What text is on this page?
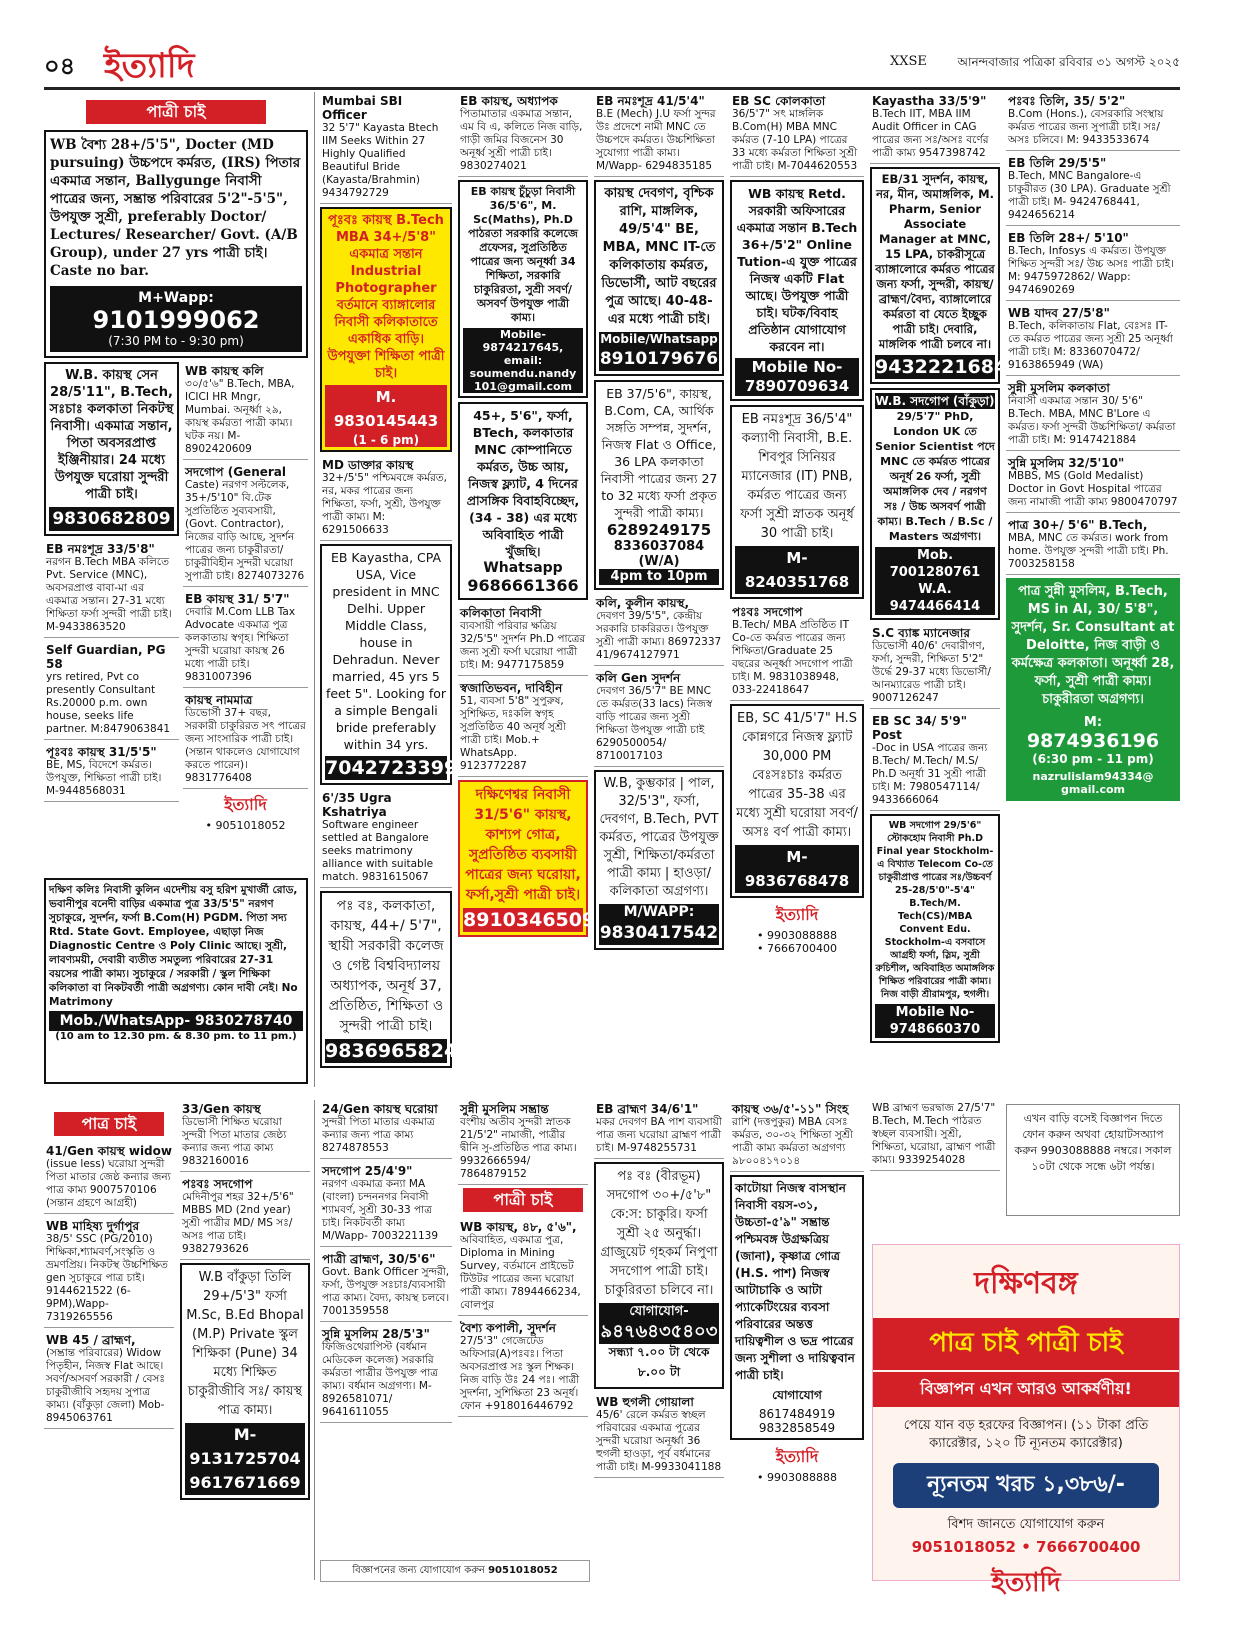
০৪ ইত্যাদি	XXSE	আনন্দবাজার পত্রিকা রবিবার ৩১ অগস্ট ২০২৫
পাত্রী চাই
WB বৈশ্য 28+/5'5", Docter (MD pursuing) উচ্চপদে কর্মরত, (IRS) পিতার একমাত্র সন্তান, Ballygunge নিবাসী পাত্রের জন্য, সম্ভ্রান্ত পরিবারের 5'2"-5'5", উপযুক্ত সুশ্রী, preferably Doctor/ Lectures/ Researcher/ Govt. (A/B Group), under 27 yrs পাত্রী চাই। Caste no bar.
M+Wapp:
9101999062
(7:30 PM to - 9:30 pm)
W.B. কায়স্থ সেন 28/5'11", B.Tech, সঃচাঃ কলকাতা নিকটস্থ নিবাসী। একমাত্র সন্তান, পিতা অবসরপ্রাপ্ত ইঞ্জিনীয়ার। 24 মধ্যে উপযুক্ত ঘরোয়া সুন্দরী পাত্রী চাই।
9830682809
EB নমঃশূদ্র 33/5'8"
নরগন B.Tech MBA কলিতে Pvt. Service (MNC), অবসরপ্রাপ্ত বাবা-মা এর একমাত্র সন্তান। 27-31 মধ্যে শিক্ষিতা ফর্সা সুন্দরী পাত্রী চাই। M-9433863520
Self Guardian, PG 58
yrs retired, Pvt co presently Consultant Rs.20000 p.m. own house, seeks life partner. M:8479063841
পূঃবঃ কায়স্থ 31/5'5"
BE, MS, বিদেশে কর্মরত। উপযুক্ত, শিক্ষিতা পাত্রী চাই। M-9448568031
WB কায়স্থ কলি
৩০/৫'৬" B.Tech, MBA, ICICI HR Mngr, Mumbai. অনূর্ধ্বা ২৯, কায়স্থ কর্মরতা পাত্রী কাম্য। ঘটক নয়। M-8902420609
সদগোপ (General
Caste) নরগণ সল্টলেক, 35+/5'10" বি.টেক সুপ্রতিষ্ঠিত সুব্যবসায়ী, (Govt. Contractor), নিজের বাড়ি আছে, সুদর্শন পাত্রের জন্য চাকুরীরতা/ চাকুরীবিহীন সুন্দরী ঘরোয়া সুপাত্রী চাই। 8274073276
EB কায়স্থ 31/ 5'7"
দেবারি M.Com LLB Tax Advocate একমাত্র পুত্র কলকাতায় স্বগৃহ। শিক্ষিতা সুন্দরী ঘরোয়া কায়স্থ 26 মধ্যে পাত্রী চাই। 9831007396
কায়স্থ নামমাত্র
ডিভোর্সী 37+ বছর, সরকারী চাকুরিরত সৎ পাত্রের জন্য সাংসারিক পাত্রী চাই। (সন্তান থাকলেও যোগাযোগ করতে পারেন)। 9831776408
ইত্যাদি
• 9051018052
দক্ষিণ কলিঃ নিবাসী কুলিন এদেশীয় বসু হরিশ মুখার্জী রোড, ভবানীপুর বনেদী বাড়ির একমাত্র পুত্র 33/5'5" নরগণ সুচাকুরে, সুদর্শন, ফর্সা B.Com(H) PGDM. পিতা সদ্য Rtd. State Govt. Employee, এছাড়া নিজ Diagnostic Centre ও Poly Clinic আছে। সুশ্রী, লাবণ্যময়ী, দেবারী ব্যতীত সমতুল্য পরিবারের 27-31 বয়সের পাত্রী কাম্য। সুচাকুরে / সরকারী / স্কুল শিক্ষিকা কলিকাতা বা নিকটবর্তী পাত্রী অগ্রগণ্য। কোন দাবী নেই। No Matrimony
Mob./WhatsApp- 9830278740
(10 am to 12.30 pm. & 8.30 pm. to 11 pm.)
Mumbai SBI Officer
32 5'7" Kayasta Btech IIM Seeks Within 27 Highly Qualified Beautiful Bride (Kayasta/Brahmin) 9434792729
পূঃবঃ কায়স্থ B.Tech MBA 34+/5'8" একমাত্র সন্তান Industrial Photographer বর্তমানে ব্যাঙ্গালোর নিবাসী কলিকাতাতে একাধিক বাড়ি। উপযুক্তা শিক্ষিতা পাত্রী চাই।
M. 9830145443
(1 - 6 pm)
MD ডাক্তার কায়স্থ
32+/5'5" পশ্চিমবঙ্গে কর্মরত, নর, মকর পাত্রের জন্য শিক্ষিতা, ফর্সা, সুশ্রী, উপযুক্ত পাত্রী কাম্য। M: 6291506633
EB Kayastha, CPA USA, Vice president in MNC Delhi. Upper Middle Class, house in Dehradun. Never married, 45 yrs 5 feet 5". Looking for a simple Bengali bride preferably within 34 yrs.
7042723399
6'/35 Ugra Kshatriya
Software engineer settled at Bangalore seeks matrimony alliance with suitable match. 9831615067
পঃ বঃ, কলকাতা, কায়স্থ, 44+/ 5'7", স্থায়ী সরকারী কলেজ ও গেষ্ট বিশ্ববিদ্যালয় অধ্যাপক, অনূর্ধ 37, প্রতিষ্ঠিত, শিক্ষিতা ও সুন্দরী পাত্রী চাই।
9836965824
EB কায়স্থ, অধ্যাপক
পিতামাতার একমাত্র সন্তান, এম বি এ, কলিতে নিজ বাড়ি, গাড়ী জমির বিজনেস 30 অনূর্ধ্ব সুশ্রী পাত্রী চাই। 9830274021
EB কায়স্থ চুঁচুড়া নিবাসী 36/5'6", M. Sc(Maths), Ph.D পাঠরতা সরকারি কলেজে প্রফেসর, সুপ্রতিষ্ঠিত পাত্রের জন্য অনূর্ধ্বা 34 শিক্ষিতা, সরকারি চাকুরিরতা, সুশ্রী সবর্ণ/অসবর্ণ উপযুক্ত পাত্রী কাম্য।
Mobile-9874217645, email: soumendu.nandy 101@gmail.com
45+, 5'6", ফর্সা, BTech, কলকাতার MNC কোম্পানিতে কর্মরত, উচ্চ আয়, নিজস্ব ফ্ল্যাট, 4 দিনের প্রাসঙ্গিক বিবাহবিচ্ছেদ, (34 - 38) এর মধ্যে অবিবাহিত পাত্রী খুঁজছি।
Whatsapp
9686661366
কলিকাতা নিবাসী
ব্যবসায়ী পরিবার ক্ষত্রিয় 32/5'5" সুদর্শন Ph.D পাত্রের জন্য সুশ্রী ফর্সা ঘরোয়া পাত্রী চাই। M: 9477175859
স্বজাতিভবন, দাবিহীন
51, ব্যবসা 5'8" সুপুরুষ, সুশিক্ষিত, দঃকলি স্বগৃহ সুপ্রতিষ্ঠিত 40 অনূর্ধ সুশ্রী পাত্রী চাই। Mob.+ WhatsApp. 9123772287
দক্ষিণেশ্বর নিবাসী 31/5'6" কায়স্থ, কাশ্যপ গোত্র, সুপ্রতিষ্ঠিত ব্যবসায়ী পাত্রের জন্য ঘরোয়া, ফর্সা,সুশ্রী পাত্রী চাই।
8910346509
EB নমঃশূদ্র 41/5'4"
B.E (Mech) J.U ফর্সা সুন্দর উঃ প্রদেশে নামী MNC তে উচ্চপদে কর্মরত। উচ্চশিক্ষিতা সুযোগ্যা পাত্রী কাম্য। M/Wapp- 6294835185
কায়স্থ দেবগণ, বৃশ্চিক রাশি, মাঙ্গলিক, 49/5'4" BE, MBA, MNC IT-তে কলিকাতায় কর্মরত, ডিভোর্সী, আট বছরের পুত্র আছে। 40-48-এর মধ্যে পাত্রী চাই।
Mobile/Whatsapp
8910179676
EB 37/5'6", কায়স্থ, B.Com, CA, আর্থিক সঙ্গতি সম্পন্ন, সুদর্শন, নিজস্ব Flat ও Office, 36 LPA কলকাতা নিবাসী পাত্রের জন্য 27 to 32 মধ্যে ফর্সা প্রকৃত সুন্দরী পাত্রী কাম্য।
6289249175
8336037084 (W/A)
4pm to 10pm
কলি, কুলীন কায়স্থ,
দেবগণ 39/5'5", কেন্দ্রীয় সরকারি চাকরিরত। উপযুক্ত সুশ্রী পাত্রী কাম্য। 86972337 41/9674127971
কলি Gen সুদর্শন
দেবগণ 36/5'7" BE MNC তে কর্মরত(33 lacs) নিজস্ব বাড়ি পাত্রের জন্য সুশ্রী শিক্ষিতা উপযুক্ত পাত্রী চাই 6290500054/ 8710017103
W.B, কুম্ভকার | পাল, 32/5'3", ফর্সা, দেবগণ, B.Tech, PVT কর্মরত, পাত্রের উপযুক্ত সুশ্রী, শিক্ষিতা/কর্মরতা পাত্রী কাম্য | হাওড়া/কলিকাতা অগ্রগণ্য।
M/WAPP:
9830417542
EB SC কোলকাতা
36/5'7" সৎ মাঙ্গলিক B.Com(H) MBA MNC কর্মরত (7-10 LPA) পাত্রের 33 মধ্যে কর্মরতা শিক্ষিতা সুশ্রী পাত্রী চাই। M-7044620553
WB কায়স্থ Retd. সরকারী অফিসারের একমাত্র সন্তান B.Tech 36+/5'2" Online Tution-এ যুক্ত পাত্রের নিজস্ব একটি Flat আছে। উপযুক্ত পাত্রী চাই। ঘটক/বিবাহ প্রতিষ্ঠান যোগাযোগ করবেন না।
Mobile No-7890709634
EB নমঃশূদ্র 36/5'4" কল্যাণী নিবাসী, B.E. শিবপুর সিনিয়র ম্যানেজার (IT) PNB, কর্মরত পাত্রের জন্য ফর্সা সুশ্রী স্নাতক অনূর্ধ 30 পাত্রী চাই।
M- 8240351768
পঃবঃ সদগোপ
B.Tech/ MBA প্রতিষ্ঠিত IT Co-তে কর্মরত পাত্রের জন্য শিক্ষিতা/Graduate 25 বছরের অনূর্ধ্বা সদগোপ পাত্রী চাই। M. 9831038948, 033-22418647
EB, SC 41/5'7" H.S কোন্নগরে নিজস্ব ফ্ল্যাট 30,000 PM বেঃসঃচাঃ কর্মরত পাত্রের 35-38 এর মধ্যে সুশ্রী ঘরোয়া সবর্ণ/ অসঃ বর্ণ পাত্রী কাম্য।
M-9836768478
ইত্যাদি
• 9903088888
• 7666700400
Kayastha 33/5'9"
B.Tech IIT, MBA IIM Audit Officer in CAG পাত্রের জন্য সঃ/অসঃ বর্ণের পাত্রী কাম্য 9547398742
EB/31 সুদর্শন, কায়স্থ, নর, মীন, অমাঙ্গলিক, M. Pharm, Senior Associate Manager at MNC, 15 LPA, চাকরীসূত্রে ব্যাঙ্গালোরে কর্মরত পাত্রের জন্য ফর্সা, সুন্দরী, কায়স্থ/ ব্রাহ্মণ/বৈদ্য, ব্যাঙ্গালোরে কর্মরতা বা যেতে ইচ্ছুক পাত্রী চাই। দেবারি, মাঙ্গলিক পাত্রী চলবে না।
9432221684
W.B. সদগোপ (বাঁকুড়া)
29/5'7" PhD, London UK তে Senior Scientist পদে MNC তে কর্মরত পাত্রের অনূর্ধ 26 ফর্সা, সুশ্রী অমাঙ্গলিক দেব / নরগণ সঃ / উচ্চ অসবর্ণ পাত্রী কাম্য। B.Tech / B.Sc / Masters অগ্রগণ্য।
Mob. 7001280761
W.A. 9474466414
S.C ব্যাঙ্ক ম্যানেজার
ডিভোর্সী 40/6' দেবারীগণ, ফর্সা, সুন্দরী, শিক্ষিতা 5'2" উর্দ্ধে 29-37 মধ্যে ডিভোর্সী/ আনম্যারেড পাত্রী চাই। 9007126247
EB SC 34/ 5'9" Post
-Doc in USA পাত্রের জন্য B.Tech/ M.Tech/ M.S/ Ph.D অনূর্ধা 31 সুশ্রী পাত্রী চাই। M: 7980547114/ 9433666064
WB সদগোপ 29/5'6" স্টোকহোম নিবাসী Ph.D Final year Stockholm-এ বিখ্যাত Telecom Co-তে চাকুরীপ্রাপ্ত পাত্রের সঃ/উচ্চবর্ণ 25-28/5'0"-5'4" B.Tech/M. Tech(CS)/MBA Convent Edu. Stockholm-এ বসবাসে আগ্রহী ফর্সা, স্লিম, সুশ্রী রুচিশীল, অবিবাহিত অমাঙ্গলিক শিক্ষিত পরিবারের পাত্রী কাম্য। নিজ বাড়ী শ্রীরামপুর, হুগলী।
Mobile No-9748660370
পঃবঃ তিলি, 35/ 5'2"
B.Com (Hons.), বেসরকারি সংস্থায় কর্মরত পাত্রের জন্য সুপাত্রী চাই। সঃ/ অসঃ চলিবে। M: 9433533674
EB তিলি 29/5'5"
B.Tech, MNC Bangalore-এ চাকুরীরত (30 LPA). Graduate সুশ্রী পাত্রী চাই। M- 9424768441, 9424656214
EB তিলি 28+/ 5'10"
B.Tech, Infosys এ কর্মরত। উপযুক্ত শিক্ষিত সুন্দরী সঃ/ উচ্চ অসঃ পাত্রী চাই। M: 9475972862/ Wapp: 9474690269
WB যাদব 27/5'8"
B.Tech, কলিকাতায় Flat, বেঃসঃ IT-তে কর্মরত পাত্রের জন্য সুশ্রী 25 অনূর্ধ্বা পাত্রী চাই। M: 8336070472/ 9163865949 (WA)
সুন্নী মুসলিম কলকাতা
নিবাসী একমাত্র সন্তান 30/ 5'6" B.Tech. MBA, MNC B'Lore এ কর্মরত। ফর্সা সুন্দরী উচ্চশিক্ষিতা/ কর্মরতা পাত্রী চাই। M: 9147421884
সুন্নি মুসলিম 32/5'10"
MBBS, MS (Gold Medalist) Doctor in Govt Hospital পাত্রের জন্য নামাজী পাত্রী কাম্য 9800470797
পাত্র 30+/ 5'6" B.Tech,
MBA, MNC তে কর্মরত। work from home. উপযুক্ত সুন্দরী পাত্রী চাই। Ph. 7003258158
পাত্র সুন্নী মুসলিম, B.Tech, MS in AI, 30/ 5'8", সুদর্শন, Sr. Consultant at Deloitte, নিজ বাড়ী ও কর্মক্ষেত্র কলকাতা। অনূর্ধ্বা 28, ফর্সা, সুশ্রী পাত্রী কাম্য। চাকুরীরতা অগ্রগণ্য।
M:
9874936196
(6:30 pm - 11 pm)
nazrulislam94334@ gmail.com
পাত্র চাই
41/Gen কায়স্থ widow
(issue less) ঘরোয়া সুন্দরী পিতা মাতার জেষ্ঠ কন্যার জন্য পাত্র কাম্য 9007570106 (সন্তান গ্রহণে আগ্রহী)
WB মাহিষ্য দুর্গাপুর
38/5' SSC (PG/2010) শিক্ষিকা,শ্যামবর্ণ,সংস্কৃতি ও ভ্রমণপ্রিয়। নিকটস্থ উচ্চশিক্ষিত gen সুচাকুরে পাত্র চাই। 9144621522 (6-9PM),Wapp-7319265556
WB 45 / ব্রাহ্মণ,
(সম্ভ্রান্ত পরিবারের) Widow পিতৃহীন, নিজস্ব Flat আছে। সবর্ণ/অসবর্ণ সরকারী / বেসঃ চাকুরীজীবি সহৃদয় সুপাত্র কাম্য। (বাঁকুড়া জেলা) Mob- 8945063761
33/Gen কায়স্থ
ডিভোর্সী শিক্ষিত ঘরোয়া সুন্দরী পিতা মাতার জেষ্ঠ্য কন্যার জন্য পাত্র কাম্য 9832160016
পঃবঃ সদগোপ
মেদিনীপুর শহর 32+/5'6" MBBS MD (2nd year) সুশ্রী পাত্রীর MD/ MS সঃ/অসঃ পাত্র চাই। 9382793626
W.B বাঁকুড়া তিলি 29+/5'3" ফর্সা M.Sc, B.Ed Bhopal (M.P) Private স্কুল শিক্ষিকা (Pune) 34 মধ্যে শিক্ষিত চাকুরীজীবি সঃ/ কায়স্থ পাত্র কাম্য।
M- 9131725704
9617671669
24/Gen কায়স্থ ঘরোয়া
সুন্দরী পিতা মাতার একমাত্র কন্যার জন্য পাত্র কাম্য 8274878553
সদগোপ 25/4'9"
নরগণ একমাত্র কন্যা MA (বাংলা) চন্দননগর নিবাসী শ্যামবর্ণ, সুশ্রী 30-33 পাত্র চাই। নিকটবর্তী কাম্য M/Wapp- 7003221139
পাত্রী ব্রাহ্মণ, 30/5'6"
Govt. Bank Officer সুন্দরী, ফর্সা, উপযুক্ত সঃচাঃ/ব্যবসায়ী পাত্র কাম্য। বৈদ্য, কায়স্থ চলবে। 7001359558
সুন্নি মুসলিম 28/5'3"
ফিজিওথেরাপিস্ট (বর্ধমান মেডিকেল কলেজ) সরকারি কর্মরতা পাত্রীর উপযুক্ত পাত্র কাম্য। বর্ধমান অগ্রগণ্য। M-8926581071/ 9641611055
বিজ্ঞাপনের জন্য যোগাযোগ করুন 9051018052
সুন্নী মুসলিম সম্ভ্রান্ত
বংশীয় অতীব সুন্দরী স্নাতক 21/5'2" নামাজী, পাত্রীর দ্বীনি সু-প্রতিষ্ঠিত পাত্র কাম্য। 9932666594/ 7864879152
পাত্রী চাই
WB কায়স্থ, ৪৮, ৫'৬",
অবিবাহিত, একমাত্র পুত্র, Diploma in Mining Survey, বর্তমানে প্রাইভেট টিউটর পাত্রের জন্য ঘরোয়া পাত্রী কাম্য। 7894466234, বোলপুর
বৈশ্য কপালী, সুদর্শন
27/5'3" গেজেটেড অফিসার(A)পঃবঃ। পিতা অবসরপ্রাপ্ত সঃ স্কুল শিক্ষক। নিজ বাড়ি উঃ 24 পঃ। পাত্রী সুদর্শনা, সুশিক্ষিতা 23 অনূর্ধ।ফোন +918016446792
EB ব্রাহ্মণ 34/6'1"
মকর দেবগণ BA পাশ ব্যবসায়ী পাত্র জন্য ঘরোয়া ব্রাহ্মণ পাত্রী চাই। M-9748255731
পঃ বঃ (বীরভূম) সদগোপ ৩০+/৫'৮" কে:স: চাকুরি। ফর্সা সুশ্রী ২৫ অনুর্দ্ধা। গ্রাজুয়েট গৃহকর্ম নিপুণা সদগোপ পাত্রী চাই। চাকুরিরতা চলিবে না।
যোগাযোগ-
৯৪৭৬৪৩৫৪০৩
সন্ধ্যা ৭.০০ টা থেকে ৮.০০ টা
WB হুগলী গোয়ালা
45/6' রেলে কর্মরত স্বচ্ছল পরিবারের একমাত্র পুত্রের সুন্দরী ঘরোয়া অনূর্ধ্বা 36 হুগলী হাওড়া, পূর্ব বর্ধমানের পাত্রী চাই। M-9933041188
কায়স্থ ৩৬/৫'-১১" সিংহ
রাশি (দত্তপুকুর) MBA বেসঃ কর্মরত, ৩০-৩২ শিক্ষিতা সুশ্রী পাত্রী কাম্য কর্মরতা অগ্রগণ্য ৯৮০০৪১৭০১৪
কাটোয়া নিজস্ব বাসস্থান নিবাসী বয়স-৩১, উচ্চতা-৫'৯" সম্ভ্রান্ত পশ্চিমবঙ্গ উগ্রক্ষত্রিয় (জানা), কৃষ্ণাত্র গোত্র (H.S. পাশ) নিজস্ব আটাচাকি ও আটা প্যাকেটিংয়ের ব্যবসা পরিবারের অন্তত্ত দায়িত্বশীল ও ভদ্র পাত্রের জন্য সুশীলা ও দায়িত্ববান পাত্রী চাই।
যোগাযোগ
8617484919
9832858549
ইত্যাদি
• 9903088888
WB ব্রাহ্মণ ভরদ্বাজ 27/5'7" B.Tech, M.Tech পাঠরত স্বচ্ছল ব্যবসায়ী। সুশ্রী, শিক্ষিতা, ঘরোয়া, ব্রাহ্মণ পাত্রী কাম্য। 9339254028
এখন বাড়ি বসেই বিজ্ঞাপন দিতে ফোন করুন অথবা হোয়াটসঅ্যাপ করুন 9903088888 নম্বরে। সকাল ১০টা থেকে সন্ধে ৬টা পর্যন্ত।
দক্ষিণবঙ্গ
পাত্র চাই পাত্রী চাই
বিজ্ঞাপন এখন আরও আকর্ষণীয়!
পেয়ে যান বড় হরফের বিজ্ঞাপন। (১১ টাকা প্রতি ক্যারেক্টার, ১২০ টি ন্যূনতম ক্যারেক্টার)
ন্যূনতম খরচ ১,৩৮৬/-
বিশদ জানতে যোগাযোগ করুন
9051018052 • 7666700400
ইত্যাদি
